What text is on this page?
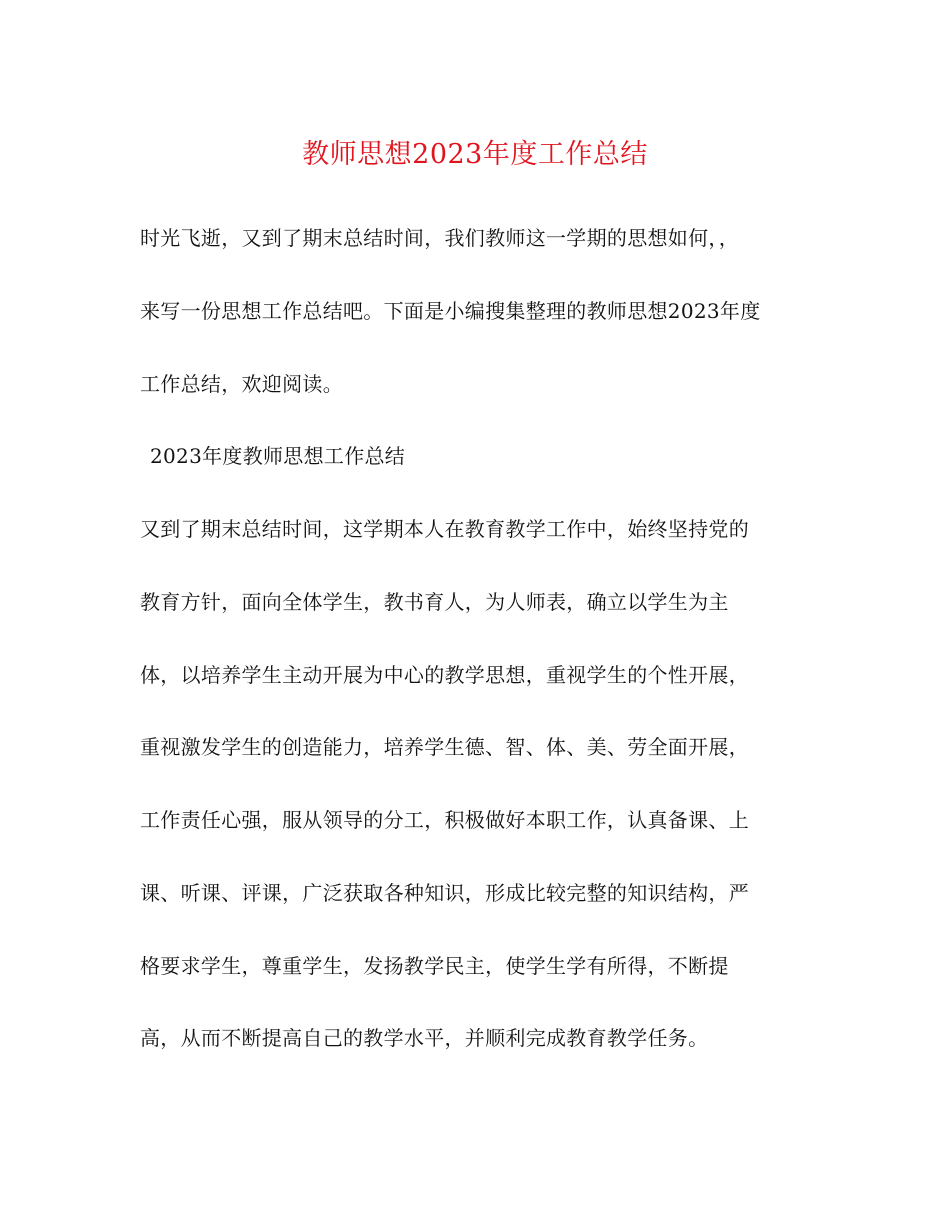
教师思想2023年度工作总结
时光飞逝，又到了期末总结时间，我们教师这一学期的思想如何，，
来写一份思想工作总结吧。下面是小编搜集整理的教师思想2023年度
工作总结，欢迎阅读。
2023年度教师思想工作总结
又到了期末总结时间，这学期本人在教育教学工作中，始终坚持党的
教育方针，面向全体学生，教书育人，为人师表，确立以学生为主
体，以培养学生主动开展为中心的教学思想，重视学生的个性开展，
重视激发学生的创造能力，培养学生德、智、体、美、劳全面开展，
工作责任心强，服从领导的分工，积极做好本职工作，认真备课、上
课、听课、评课，广泛获取各种知识，形成比较完整的知识结构，严
格要求学生，尊重学生，发扬教学民主，使学生学有所得，不断提
高，从而不断提高自己的教学水平，并顺利完成教育教学任务。
